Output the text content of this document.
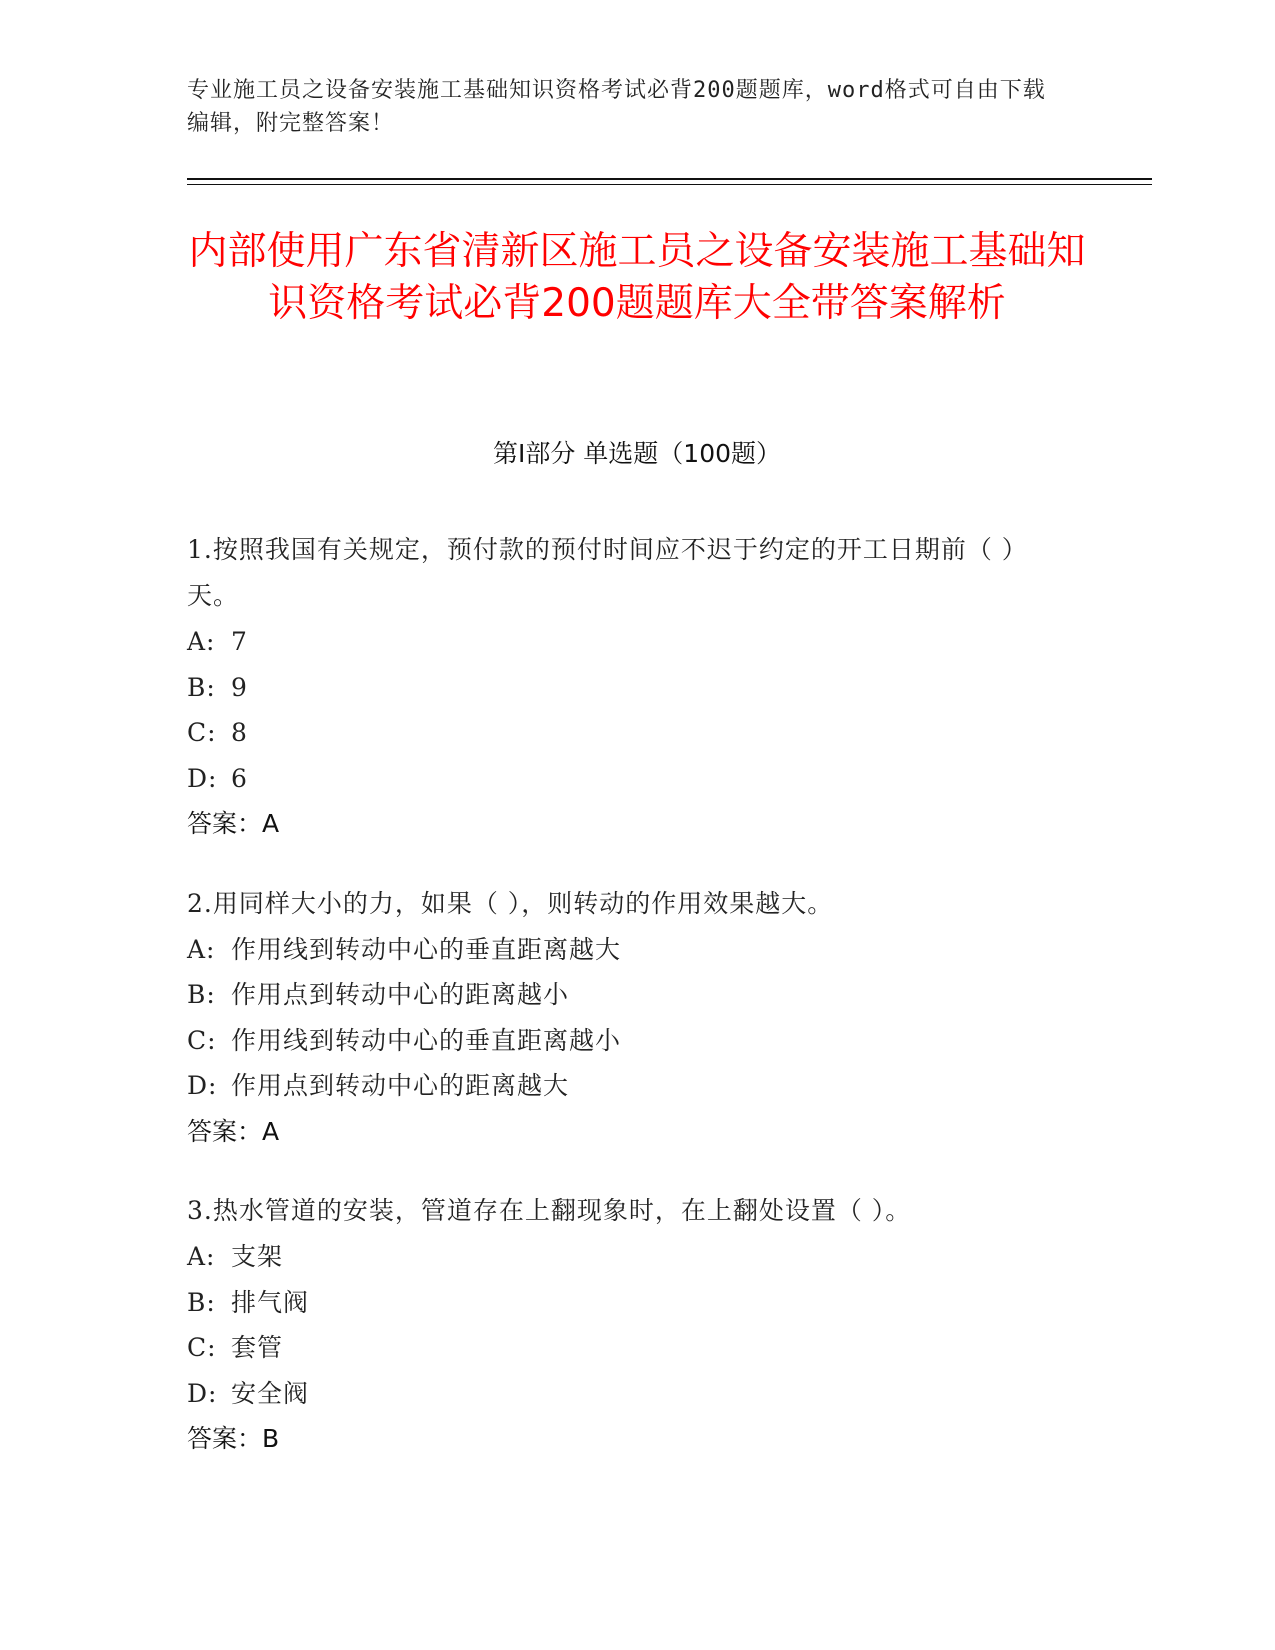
专业施工员之设备安装施工基础知识资格考试必背200题题库，word格式可自由下载编辑，附完整答案！
内部使用广东省清新区施工员之设备安装施工基础知识资格考试必背200题题库大全带答案解析
第I部分 单选题（100题）

1.按照我国有关规定，预付款的预付时间应不迟于约定的开工日期前（ ）天。

A: 7

B: 9

C: 8

D: 6

答案：A

2.用同样大小的力，如果（ ），则转动的作用效果越大。

A: 作用线到转动中心的垂直距离越大

B: 作用点到转动中心的距离越小

C: 作用线到转动中心的垂直距离越小

D: 作用点到转动中心的距离越大

答案：A

3.热水管道的安装，管道存在上翻现象时，在上翻处设置（ ）。

A: 支架

B: 排气阀

C: 套管

D: 安全阀

答案：B
